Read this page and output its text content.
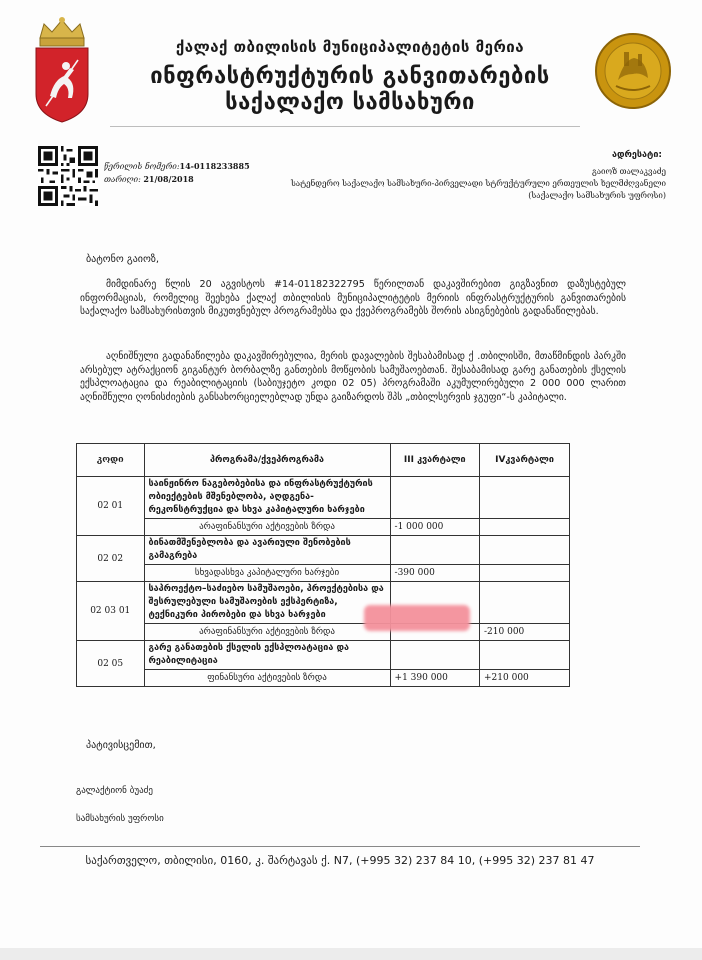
ქალაქ თბილისის მუნიციპალიტეტის მერია
ინფრასტრუქტურის განვითარების
საქალაქო სამსახური
წერილის ნომერი:14-0118233885
თარიღი: 21/08/2018
ადრესატი:
გაიოზ თალაკვაძე
სატენდერო საქალაქო სამსახური-პირველადი სტრუქტურული ერთეულის ხელმძღვანელი
(საქალაქო სამსახურის უფროსი)
ბატონო გაიოზ,
მიმდინარე წლის 20 აგვისტოს #14-01182322795 წერილთან დაკავშირებით გიგზავნით დაზუსტებულ ინფორმაციას, რომელიც შეეხება ქალაქ თბილისის მუნიციპალიტეტის მერიის ინფრასტრუქტურის განვითარების საქალაქო სამსახურისთვის მიკუთვნებულ პროგრამებსა და ქვეპროგრამებს შორის ასიგნებების გადანაწილებას.
აღნიშნული გადანაწილება დაკავშირებულია, მერის დავალების შესაბამისად ქ .თბილისში, მთაწმინდის პარკში არსებულ ატრაქციონ გიგანტურ ბორბალზე განთების მოწყობის სამუშაოებთან. შესაბამისად გარე განათების ქსელის ექსპლოატაცია და რეაბილიტაციის (საბიუჯეტო კოდი 02 05) პროგრამაში აკუმულირებული 2 000 000 ლარით აღნიშნული ღონისძიების განსახორციელებლად უნდა გაიზარდოს შპს „თბილსერვის ჯგუფი“-ს კაპიტალი.
კოდი	პროგრამა/ქვეპროგრამა	III კვარტალი	IVკვარტალი
02 01	საინჟინრო ნაგებობებისა და ინფრასტრუქტურის ობიექტების მშენებლობა, აღდგენა- რეკონსტრუქცია და სხვა კაპიტალური ხარჯები		
	არაფინანსური აქტივების ზრდა	-1 000 000	
02 02	ბინათმშენებლობა და ავარიული შენობების გამაგრება		
	სხვადასხვა კაპიტალური ხარჯები	-390 000	
02 03 01	საპროექტო–საძიებო სამუშაოები, პროექტებისა და შესრულებული სამუშაოების ექსპერტიზა, ტექნიკური პირობები და სხვა ხარჯები		
	არაფინანსური აქტივების ზრდა		-210 000
02 05	გარე განათების ქსელის ექსპლოატაცია და რეაბილიტაცია		
	ფინანსური აქტივების ზრდა	+1 390 000	+210 000
პატივისცემით,
გალაქტიონ ბუაძე
სამსახურის უფროსი
საქართველო, თბილისი, 0160, კ. შარტავას ქ. N7, (+995 32) 237 84 10, (+995 32) 237 81 47
